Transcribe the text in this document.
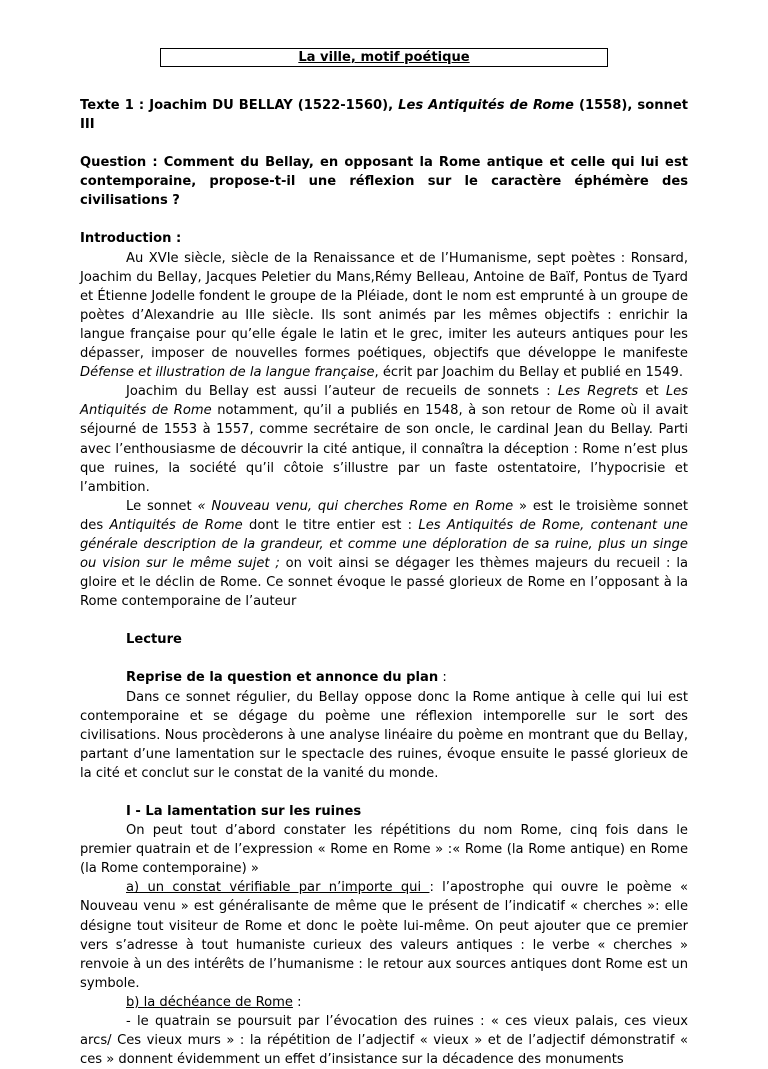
La ville, motif poétique

Texte 1 : Joachim DU BELLAY (1522-1560), Les Antiquités de Rome (1558), sonnet III

Question : Comment du Bellay, en opposant la Rome antique et celle qui lui est contemporaine, propose-t-il une réflexion sur le caractère éphémère des civilisations ?

Introduction :

Au XVIe siècle, siècle de la Renaissance et de l’Humanisme, sept poètes : Ronsard, Joachim du Bellay, Jacques Peletier du Mans,Rémy Belleau, Antoine de Baïf, Pontus de Tyard et Étienne Jodelle fondent le groupe de la Pléiade, dont le nom est emprunté à un groupe de poètes d’Alexandrie au IIIe siècle. Ils sont animés par les mêmes objectifs : enrichir la langue française pour qu’elle égale le latin et le grec, imiter les auteurs antiques pour les dépasser, imposer de nouvelles formes poétiques, objectifs que développe le manifeste Défense et illustration de la langue française, écrit par Joachim du Bellay et publié en 1549.

Joachim du Bellay est aussi l’auteur de recueils de sonnets : Les Regrets et Les Antiquités de Rome notamment, qu’il a publiés en 1548, à son retour de Rome où il avait séjourné de 1553 à 1557, comme secrétaire de son oncle, le cardinal Jean du Bellay. Parti avec l’enthousiasme de découvrir la cité antique, il connaîtra la déception : Rome n’est plus que ruines, la société qu’il côtoie s’illustre par un faste ostentatoire, l’hypocrisie et l’ambition.

Le sonnet « Nouveau venu, qui cherches Rome en Rome » est le troisième sonnet des Antiquités de Rome dont le titre entier est : Les Antiquités de Rome, contenant une générale description de la grandeur, et comme une déploration de sa ruine, plus un singe ou vision sur le même sujet ; on voit ainsi se dégager les thèmes majeurs du recueil : la gloire et le déclin de Rome. Ce sonnet évoque le passé glorieux de Rome en l’opposant à la Rome contemporaine de l’auteur

Lecture

Reprise de la question et annonce du plan :

Dans ce sonnet régulier, du Bellay oppose donc la Rome antique à celle qui lui est contemporaine et se dégage du poème une réflexion intemporelle sur le sort des civilisations. Nous procèderons à une analyse linéaire du poème en montrant que du Bellay, partant d’une lamentation sur le spectacle des ruines, évoque ensuite le passé glorieux de la cité et conclut sur le constat de la vanité du monde.

I - La lamentation sur les ruines

On peut tout d’abord constater les répétitions du nom Rome, cinq fois dans le premier quatrain et de l’expression « Rome en Rome » :« Rome (la Rome antique) en Rome (la Rome contemporaine) »

a) un constat vérifiable par n’importe qui : l’apostrophe qui ouvre le poème « Nouveau venu » est généralisante de même que le présent de l’indicatif « cherches »: elle désigne tout visiteur de Rome et donc le poète lui-même. On peut ajouter que ce premier vers s’adresse à tout humaniste curieux des valeurs antiques : le verbe « cherches » renvoie à un des intérêts de l’humanisme : le retour aux sources antiques dont Rome est un symbole.

b) la déchéance de Rome :

- le quatrain se poursuit par l’évocation des ruines : « ces vieux palais, ces vieux arcs/ Ces vieux murs » : la répétition de l’adjectif « vieux » et de l’adjectif démonstratif « ces » donnent évidemment un effet d’insistance sur la décadence des monuments
